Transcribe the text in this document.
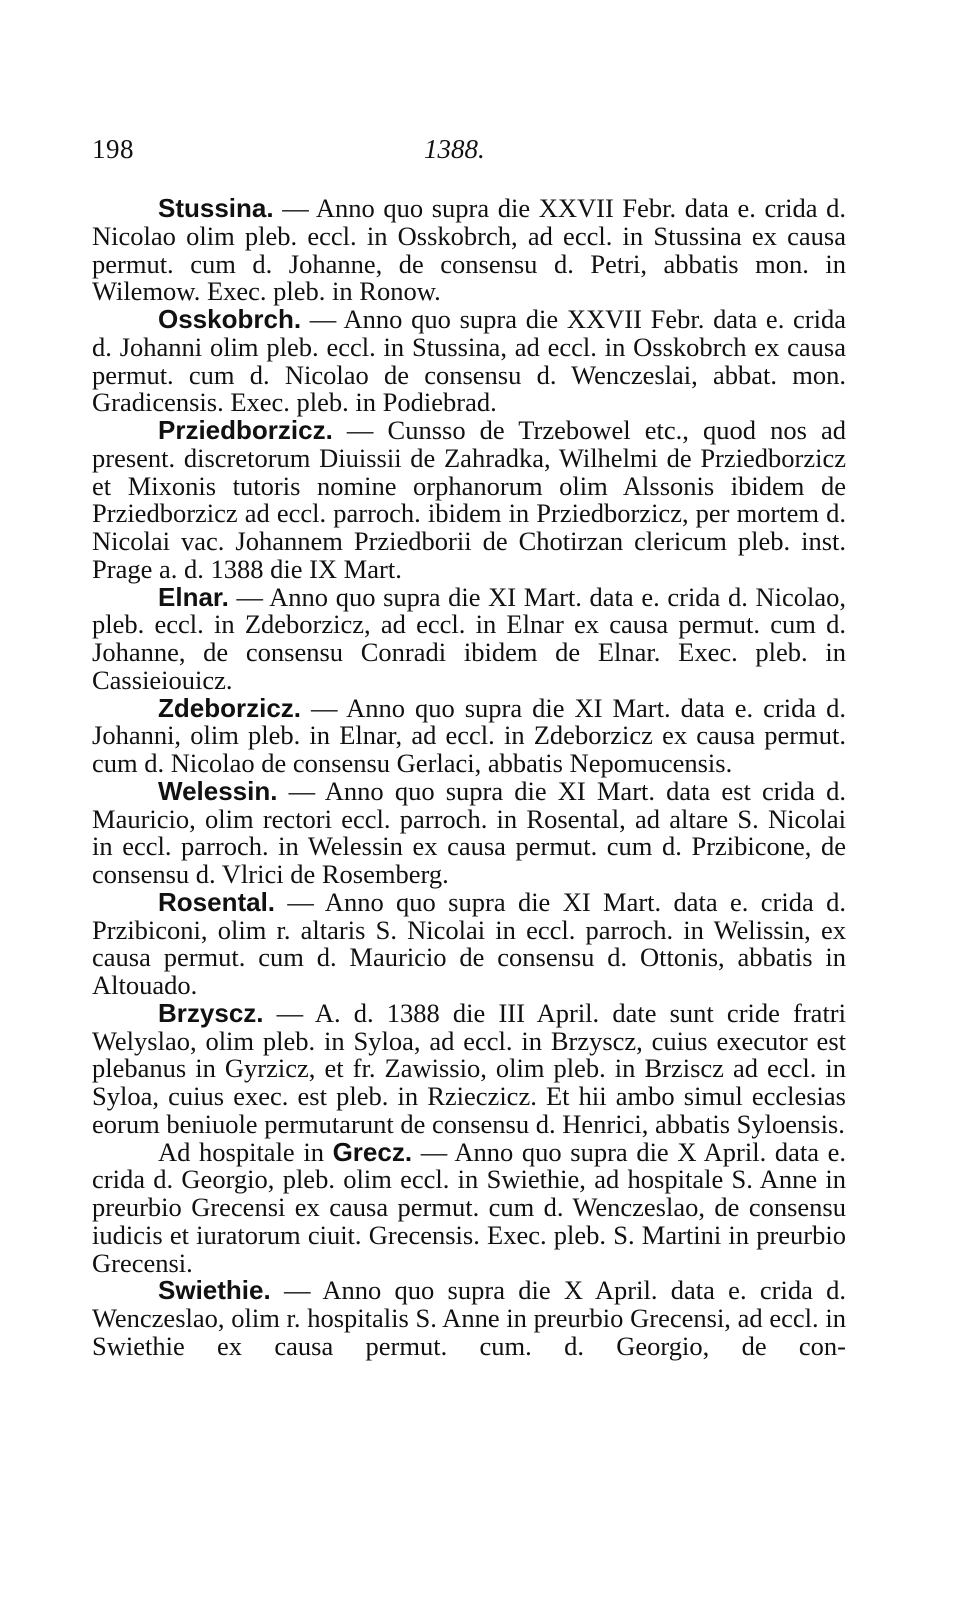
198	1388.

Stussina. — Anno quo supra die XXVII Febr. data e. crida d. Nicolao olim pleb. eccl. in Osskobrch, ad eccl. in Stussina ex causa permut. cum d. Johanne, de consensu d. Petri, abbatis mon. in Wilemow. Exec. pleb. in Ronow.

Osskobrch. — Anno quo supra die XXVII Febr. data e. crida d. Johanni olim pleb. eccl. in Stussina, ad eccl. in Osskobrch ex causa permut. cum d. Nicolao de consensu d. Wenczeslai, abbat. mon. Gradicensis. Exec. pleb. in Podiebrad.

Prziedborzicz. — Cunsso de Trzebowel etc., quod nos ad present. discretorum Diuissii de Zahradka, Wilhelmi de Prziedborzicz et Mixonis tutoris nomine orphanorum olim Alssonis ibidem de Prziedborzicz ad eccl. parroch. ibidem in Prziedborzicz, per mortem d. Nicolai vac. Johannem Prziedborii de Chotirzan clericum pleb. inst. Prage a. d. 1388 die IX Mart.

Elnar. — Anno quo supra die XI Mart. data e. crida d. Nicolao, pleb. eccl. in Zdeborzicz, ad eccl. in Elnar ex causa permut. cum d. Johanne, de consensu Conradi ibidem de Elnar. Exec. pleb. in Cassieiouicz.

Zdeborzicz. — Anno quo supra die XI Mart. data e. crida d. Johanni, olim pleb. in Elnar, ad eccl. in Zdeborzicz ex causa permut. cum d. Nicolao de consensu Gerlaci, abbatis Nepomucensis.

Welessin. — Anno quo supra die XI Mart. data est crida d. Mauricio, olim rectori eccl. parroch. in Rosental, ad altare S. Nicolai in eccl. parroch. in Welessin ex causa permut. cum d. Przibicone, de consensu d. Vlrici de Rosemberg.

Rosental. — Anno quo supra die XI Mart. data e. crida d. Przibiconi, olim r. altaris S. Nicolai in eccl. parroch. in Welissin, ex causa permut. cum d. Mauricio de consensu d. Ottonis, abbatis in Altouado.

Brzyscz. — A. d. 1388 die III April. date sunt cride fratri Welyslao, olim pleb. in Syloa, ad eccl. in Brzyscz, cuius executor est plebanus in Gyrzicz, et fr. Zawissio, olim pleb. in Brziscz ad eccl. in Syloa, cuius exec. est pleb. in Rziecziсz. Et hii ambo simul ecclesias eorum beniuole permutarunt de consensu d. Henrici, abbatis Syloensis.

Ad hospitale in Grecz. — Anno quo supra die X April. data e. crida d. Georgio, pleb. olim eccl. in Swiethie, ad hospitale S. Anne in preurbio Grecensi ex causa permut. cum d. Wenczeslao, de consensu iudicis et iuratorum ciuit. Grecensis. Exec. pleb. S. Martini in preurbio Grecensi.

Swiethie. — Anno quo supra die X April. data e. crida d. Wenczeslao, olim r. hospitalis S. Anne in preurbio Grecensi, ad eccl. in Swiethie ex causa permut. cum. d. Georgio, de con-
